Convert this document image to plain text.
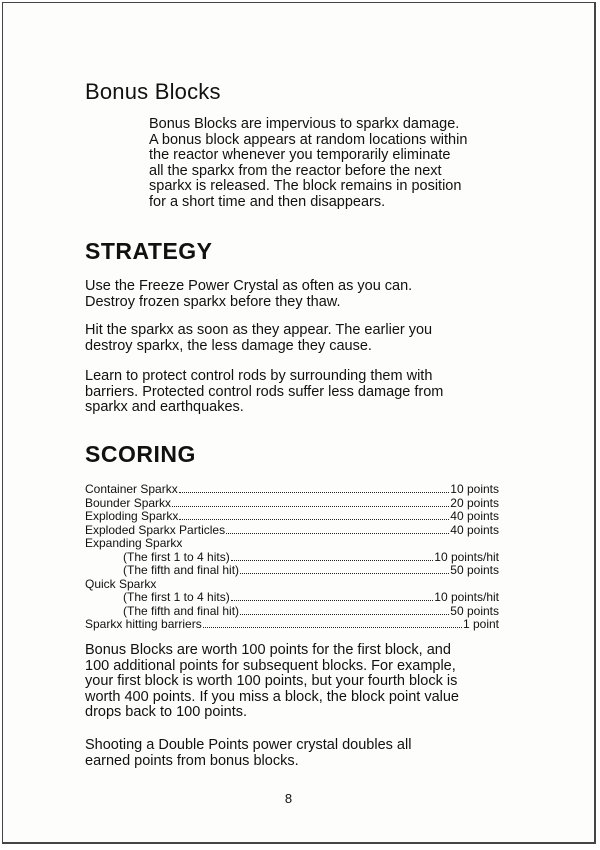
Bonus Blocks
Bonus Blocks are impervious to sparkx damage.
A bonus block appears at random locations within
the reactor whenever you temporarily eliminate
all the sparkx from the reactor before the next
sparkx is released. The block remains in position
for a short time and then disappears.
STRATEGY
Use the Freeze Power Crystal as often as you can.
Destroy frozen sparkx before they thaw.
Hit the sparkx as soon as they appear. The earlier you
destroy sparkx, the less damage they cause.
Learn to protect control rods by surrounding them with
barriers. Protected control rods suffer less damage from
sparkx and earthquakes.
SCORING
Container Sparkx	10 points
Bounder Sparkx	20 points
Exploding Sparkx	40 points
Exploded Sparkx Particles	40 points
Expanding Sparkx
(The first 1 to 4 hits)	10 points/hit
(The fifth and final hit)	50 points
Quick Sparkx
(The first 1 to 4 hits)	10 points/hit
(The fifth and final hit)	50 points
Sparkx hitting barriers	1 point
Bonus Blocks are worth 100 points for the first block, and
100 additional points for subsequent blocks. For example,
your first block is worth 100 points, but your fourth block is
worth 400 points. If you miss a block, the block point value
drops back to 100 points.
Shooting a Double Points power crystal doubles all
earned points from bonus blocks.
8
